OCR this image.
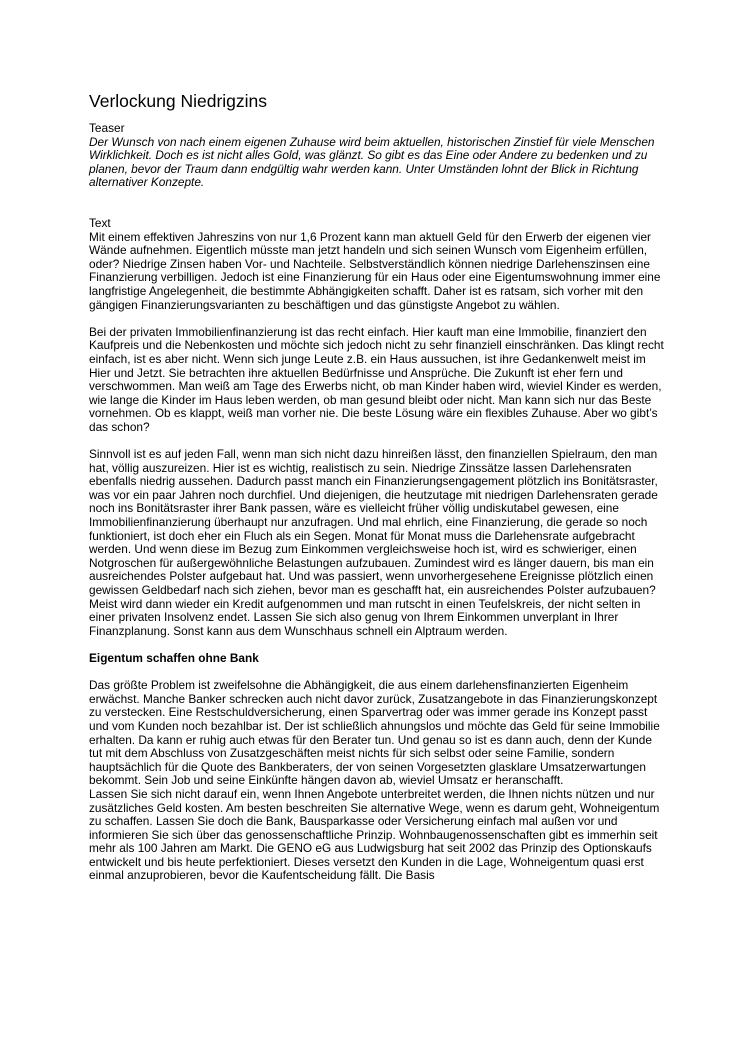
Verlockung Niedrigzins

Teaser

Der Wunsch von nach einem eigenen Zuhause wird beim aktuellen, historischen Zinstief für viele Menschen Wirklichkeit. Doch es ist nicht alles Gold, was glänzt. So gibt es das Eine oder Andere zu bedenken und zu planen, bevor der Traum dann endgültig wahr werden kann. Unter Umständen lohnt der Blick in Richtung alternativer Konzepte.

Text

Mit einem effektiven Jahreszins von nur 1,6 Prozent kann man aktuell Geld für den Erwerb der eigenen vier Wände aufnehmen. Eigentlich müsste man jetzt handeln und sich seinen Wunsch vom Eigenheim erfüllen, oder? Niedrige Zinsen haben Vor- und Nachteile. Selbstverständlich können niedrige Darlehenszinsen eine Finanzierung verbilligen. Jedoch ist eine Finanzierung für ein Haus oder eine Eigentumswohnung immer eine langfristige Angelegenheit, die bestimmte Abhängigkeiten schafft. Daher ist es ratsam, sich vorher mit den gängigen Finanzierungsvarianten zu beschäftigen und das günstigste Angebot zu wählen.

Bei der privaten Immobilienfinanzierung ist das recht einfach. Hier kauft man eine Immobilie, finanziert den Kaufpreis und die Nebenkosten und möchte sich jedoch nicht zu sehr finanziell einschränken. Das klingt recht einfach, ist es aber nicht. Wenn sich junge Leute z.B. ein Haus aussuchen, ist ihre Gedankenwelt meist im Hier und Jetzt. Sie betrachten ihre aktuellen Bedürfnisse und Ansprüche. Die Zukunft ist eher fern und verschwommen. Man weiß am Tage des Erwerbs nicht, ob man Kinder haben wird, wieviel Kinder es werden, wie lange die Kinder im Haus leben werden, ob man gesund bleibt oder nicht. Man kann sich nur das Beste vornehmen. Ob es klappt, weiß man vorher nie. Die beste Lösung wäre ein flexibles Zuhause. Aber wo gibt’s das schon?

Sinnvoll ist es auf jeden Fall, wenn man sich nicht dazu hinreißen lässt, den finanziellen Spielraum, den man hat, völlig auszureizen. Hier ist es wichtig, realistisch zu sein. Niedrige Zinssätze lassen Darlehensraten ebenfalls niedrig aussehen. Dadurch passt manch ein Finanzierungsengagement plötzlich ins Bonitätsraster, was vor ein paar Jahren noch durchfiel. Und diejenigen, die heutzutage mit niedrigen Darlehensraten gerade noch ins Bonitätsraster ihrer Bank passen, wäre es vielleicht früher völlig undiskutabel gewesen, eine Immobilienfinanzierung überhaupt nur anzufragen. Und mal ehrlich, eine Finanzierung, die gerade so noch funktioniert, ist doch eher ein Fluch als ein Segen. Monat für Monat muss die Darlehensrate aufgebracht werden. Und wenn diese im Bezug zum Einkommen vergleichsweise hoch ist, wird es schwieriger, einen Notgroschen für außergewöhnliche Belastungen aufzubauen. Zumindest wird es länger dauern, bis man ein ausreichendes Polster aufgebaut hat. Und was passiert, wenn unvorhergesehene Ereignisse plötzlich einen gewissen Geldbedarf nach sich ziehen, bevor man es geschafft hat, ein ausreichendes Polster aufzubauen? Meist wird dann wieder ein Kredit aufgenommen und man rutscht in einen Teufelskreis, der nicht selten in einer privaten Insolvenz endet. Lassen Sie sich also genug von Ihrem Einkommen unverplant in Ihrer Finanzplanung. Sonst kann aus dem Wunschhaus schnell ein Alptraum werden.

Eigentum schaffen ohne Bank

Das größte Problem ist zweifelsohne die Abhängigkeit, die aus einem darlehensfinanzierten Eigenheim erwächst. Manche Banker schrecken auch nicht davor zurück, Zusatzangebote in das Finanzierungskonzept zu verstecken. Eine Restschuldversicherung, einen Sparvertrag oder was immer gerade ins Konzept passt und vom Kunden noch bezahlbar ist. Der ist schließlich ahnungslos und möchte das Geld für seine Immobilie erhalten. Da kann er ruhig auch etwas für den Berater tun. Und genau so ist es dann auch, denn der Kunde tut mit dem Abschluss von Zusatzgeschäften meist nichts für sich selbst oder seine Familie, sondern hauptsächlich für die Quote des Bankberaters, der von seinen Vorgesetzten glasklare Umsatzerwartungen bekommt. Sein Job und seine Einkünfte hängen davon ab, wieviel Umsatz er heranschafft.

Lassen Sie sich nicht darauf ein, wenn Ihnen Angebote unterbreitet werden, die Ihnen nichts nützen und nur zusätzliches Geld kosten. Am besten beschreiten Sie alternative Wege, wenn es darum geht, Wohneigentum zu schaffen. Lassen Sie doch die Bank, Bausparkasse oder Versicherung einfach mal außen vor und informieren Sie sich über das genossenschaftliche Prinzip. Wohnbaugenossenschaften gibt es immerhin seit mehr als 100 Jahren am Markt. Die GENO eG aus Ludwigsburg hat seit 2002 das Prinzip des Optionskaufs entwickelt und bis heute perfektioniert. Dieses versetzt den Kunden in die Lage, Wohneigentum quasi erst einmal anzuprobieren, bevor die Kaufentscheidung fällt. Die Basis
